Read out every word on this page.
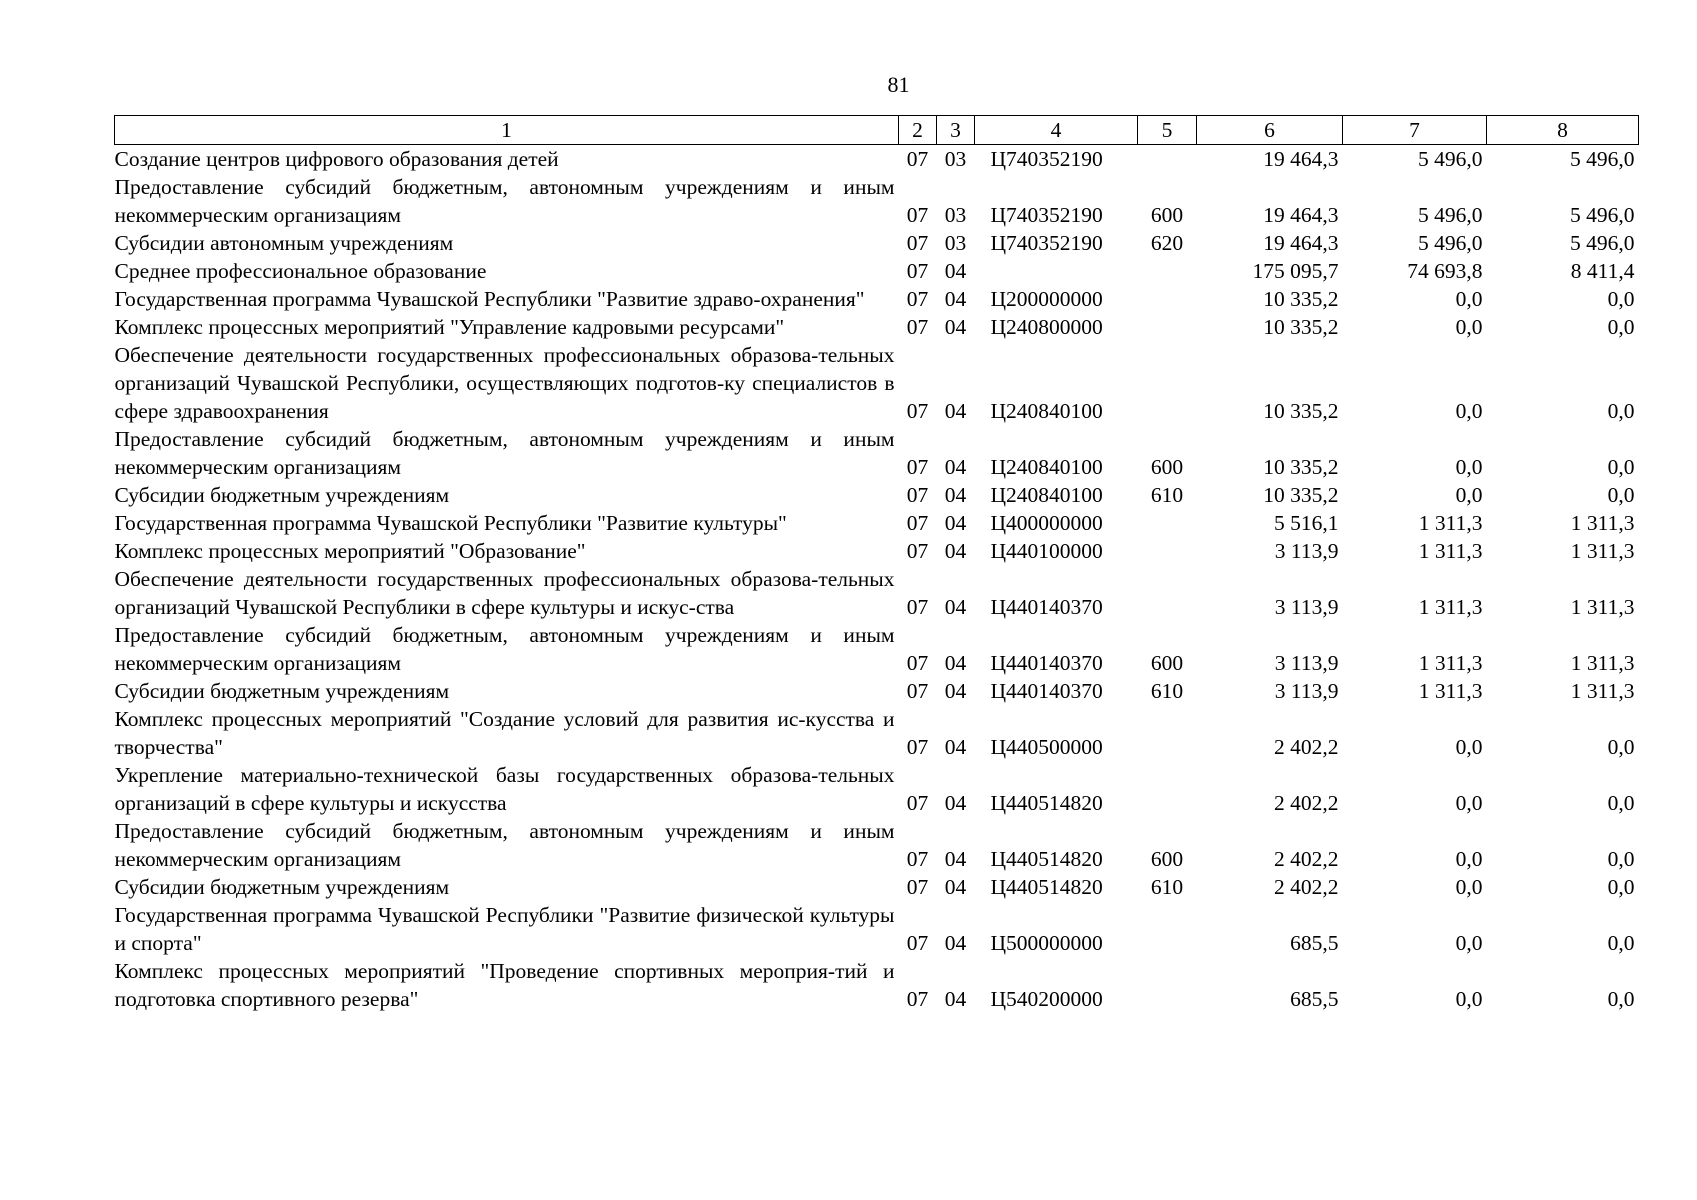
81
1	2	3	4	5	6	7	8
Создание центров цифрового образования детей	07	03	Ц740352190		19 464,3	5 496,0	5 496,0
Предоставление субсидий бюджетным, автономным учреждениям и иным некоммерческим организациям	07	03	Ц740352190	600	19 464,3	5 496,0	5 496,0
Субсидии автономным учреждениям	07	03	Ц740352190	620	19 464,3	5 496,0	5 496,0
Среднее профессиональное образование	07	04			175 095,7	74 693,8	8 411,4
Государственная программа Чувашской Республики "Развитие здраво-охранения"	07	04	Ц200000000		10 335,2	0,0	0,0
Комплекс процессных мероприятий "Управление кадровыми ресурсами"	07	04	Ц240800000		10 335,2	0,0	0,0
Обеспечение деятельности государственных профессиональных образова-тельных организаций Чувашской Республики, осуществляющих подготов-ку специалистов в сфере здравоохранения	07	04	Ц240840100		10 335,2	0,0	0,0
Предоставление субсидий бюджетным, автономным учреждениям и иным некоммерческим организациям	07	04	Ц240840100	600	10 335,2	0,0	0,0
Субсидии бюджетным учреждениям	07	04	Ц240840100	610	10 335,2	0,0	0,0
Государственная программа Чувашской Республики "Развитие культуры"	07	04	Ц400000000		5 516,1	1 311,3	1 311,3
Комплекс процессных мероприятий "Образование"	07	04	Ц440100000		3 113,9	1 311,3	1 311,3
Обеспечение деятельности государственных профессиональных образова-тельных организаций Чувашской Республики в сфере культуры и искус-ства	07	04	Ц440140370		3 113,9	1 311,3	1 311,3
Предоставление субсидий бюджетным, автономным учреждениям и иным некоммерческим организациям	07	04	Ц440140370	600	3 113,9	1 311,3	1 311,3
Субсидии бюджетным учреждениям	07	04	Ц440140370	610	3 113,9	1 311,3	1 311,3
Комплекс процессных мероприятий "Создание условий для развития ис-кусства и творчества"	07	04	Ц440500000		2 402,2	0,0	0,0
Укрепление материально-технической базы государственных образова-тельных организаций в сфере культуры и искусства	07	04	Ц440514820		2 402,2	0,0	0,0
Предоставление субсидий бюджетным, автономным учреждениям и иным некоммерческим организациям	07	04	Ц440514820	600	2 402,2	0,0	0,0
Субсидии бюджетным учреждениям	07	04	Ц440514820	610	2 402,2	0,0	0,0
Государственная программа Чувашской Республики "Развитие физической культуры и спорта"	07	04	Ц500000000		685,5	0,0	0,0
Комплекс процессных мероприятий "Проведение спортивных мероприя-тий и подготовка спортивного резерва"	07	04	Ц540200000		685,5	0,0	0,0
